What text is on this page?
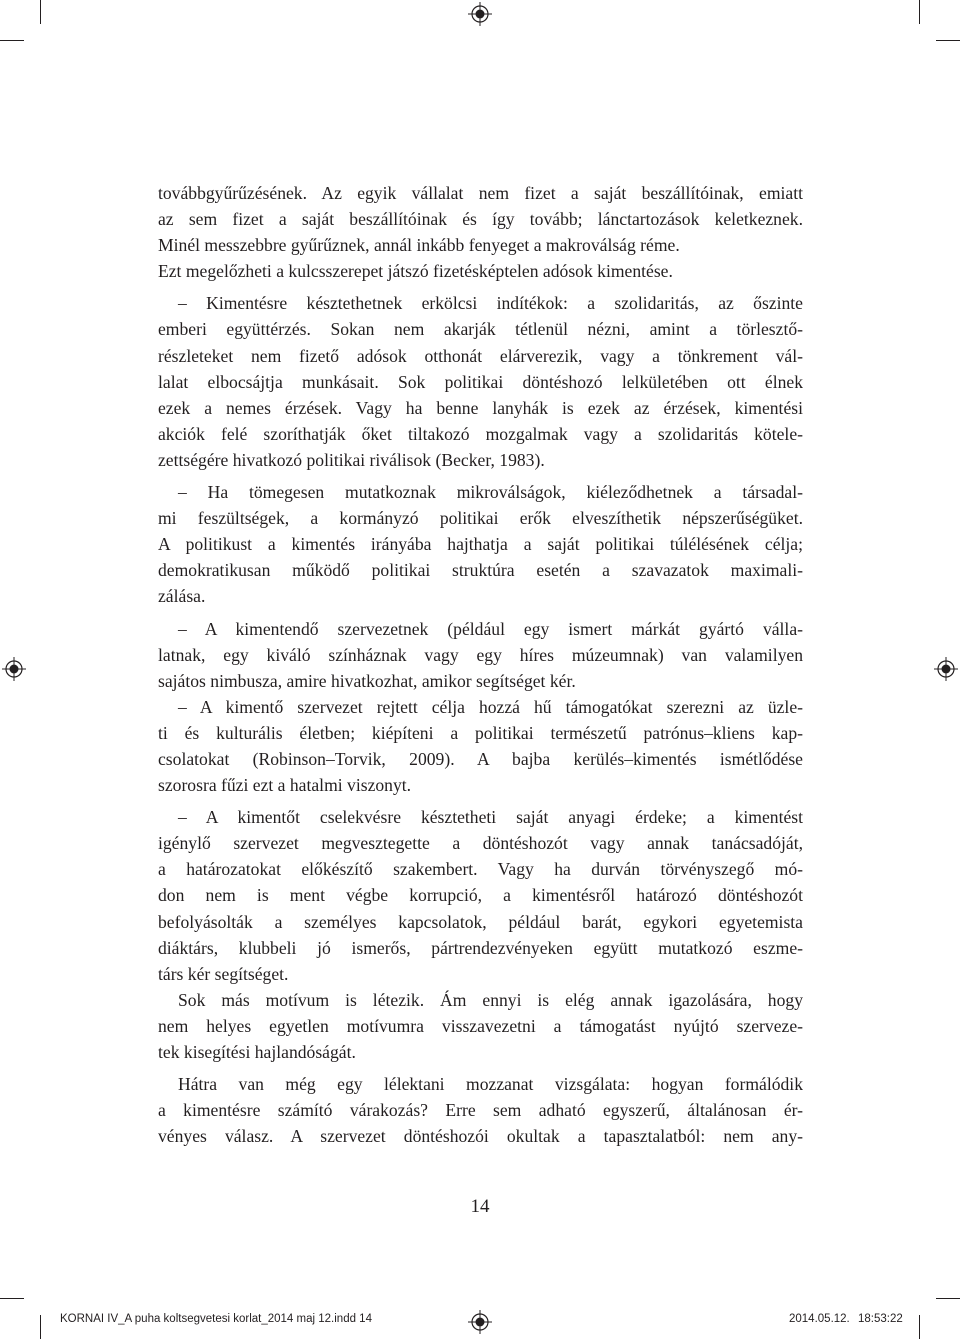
továbbgyűrűzésének. Az egyik vállalat nem fizet a saját beszállítóinak, emiatt
az sem fizet a saját beszállítóinak és így tovább; lánctartozások keletkeznek.
Minél messzebbre gyűrűznek, annál inkább fenyeget a makroválság réme.
Ezt megelőzheti a kulcsszerepet játszó fizetésképtelen adósok kimentése.
– Kimentésre késztethetnek erkölcsi indítékok: a szolidaritás, az őszinte
emberi együttérzés. Sokan nem akarják tétlenül nézni, amint a törlesztő-
részleteket nem fizető adósok otthonát elárverezik, vagy a tönkrement vál-
lalat elbocsájtja munkásait. Sok politikai döntéshozó lelkületében ott élnek
ezek a nemes érzések. Vagy ha benne lanyhák is ezek az érzések, kimentési
akciók felé szoríthatják őket tiltakozó mozgalmak vagy a szolidaritás kötele-
zettségére hivatkozó politikai riválisok (Becker, 1983).
– Ha tömegesen mutatkoznak mikroválságok, kiéleződhetnek a társadal-
mi feszültségek, a kormányzó politikai erők elveszíthetik népszerűségüket.
A politikust a kimentés irányába hajthatja a saját politikai túlélésének célja;
demokratikusan működő politikai struktúra esetén a szavazatok maximali-
zálása.
– A kimentendő szervezetnek (például egy ismert márkát gyártó válla-
latnak, egy kiváló színháznak vagy egy híres múzeumnak) van valamilyen
sajátos nimbusza, amire hivatkozhat, amikor segítséget kér.
– A kimentő szervezet rejtett célja hozzá hű támogatókat szerezni az üzle-
ti és kulturális életben; kiépíteni a politikai természetű patrónus–kliens kap-
csolatokat (Robinson–Torvik, 2009). A bajba kerülés–kimentés ismétlődése
szorosra fűzi ezt a hatalmi viszonyt.
– A kimentőt cselekvésre késztetheti saját anyagi érdeke; a kimentést
igénylő szervezet megvesztegette a döntéshozót vagy annak tanácsadóját,
a határozatokat előkészítő szakembert. Vagy ha durván törvényszegő mó-
don nem is ment végbe korrupció, a kimentésről határozó döntéshozót
befolyásolták a személyes kapcsolatok, például barát, egykori egyetemista
diáktárs, klubbeli jó ismerős, pártrendezvényeken együtt mutatkozó eszme-
társ kér segítséget.
Sok más motívum is létezik. Ám ennyi is elég annak igazolására, hogy
nem helyes egyetlen motívumra visszavezetni a támogatást nyújtó szerveze-
tek kisegítési hajlandóságát.
Hátra van még egy lélektani mozzanat vizsgálata: hogyan formálódik
a kimentésre számító várakozás? Erre sem adható egyszerű, általánosan ér-
vényes válasz. A szervezet döntéshozói okultak a tapasztalatból: nem any-
14
KORNAI IV_A puha koltsegvetesi korlat_2014 maj 12.indd 14	2014.05.12. 18:53:22
